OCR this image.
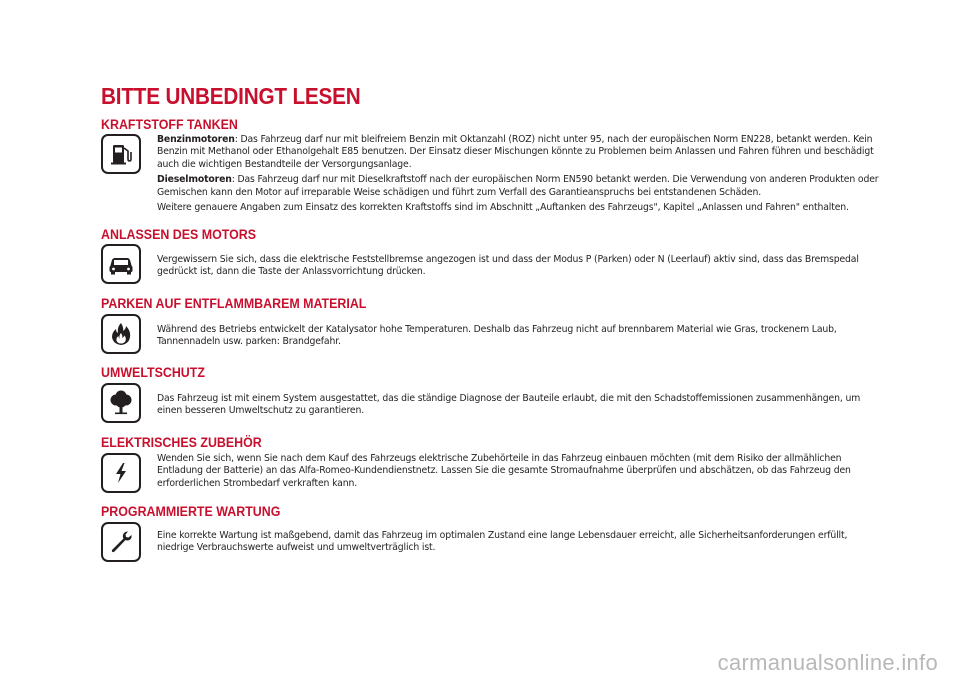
BITTE UNBEDINGT LESEN
KRAFTSTOFF TANKEN

Benzinmotoren: Das Fahrzeug darf nur mit bleifreiem Benzin mit Oktanzahl (ROZ) nicht unter 95, nach der europäischen Norm EN228, betankt werden. Kein Benzin mit Methanol oder Ethanolgehalt E85 benutzen. Der Einsatz dieser Mischungen könnte zu Problemen beim Anlassen und Fahren führen und beschädigt auch die wichtigen Bestandteile der Versorgungsanlage.

Dieselmotoren: Das Fahrzeug darf nur mit Dieselkraftstoff nach der europäischen Norm EN590 betankt werden. Die Verwendung von anderen Produkten oder Gemischen kann den Motor auf irreparable Weise schädigen und führt zum Verfall des Garantieanspruchs bei entstandenen Schäden.

Weitere genauere Angaben zum Einsatz des korrekten Kraftstoffs sind im Abschnitt „Auftanken des Fahrzeugs", Kapitel „Anlassen und Fahren" enthalten.

ANLASSEN DES MOTORS

Vergewissern Sie sich, dass die elektrische Feststellbremse angezogen ist und dass der Modus P (Parken) oder N (Leerlauf) aktiv sind, dass das Bremspedal gedrückt ist, dann die Taste der Anlassvorrichtung drücken.

PARKEN AUF ENTFLAMMBAREM MATERIAL

Während des Betriebs entwickelt der Katalysator hohe Temperaturen. Deshalb das Fahrzeug nicht auf brennbarem Material wie Gras, trockenem Laub, Tannennadeln usw. parken: Brandgefahr.

UMWELTSCHUTZ

Das Fahrzeug ist mit einem System ausgestattet, das die ständige Diagnose der Bauteile erlaubt, die mit den Schadstoffemissionen zusammenhängen, um einen besseren Umweltschutz zu garantieren.

ELEKTRISCHES ZUBEHÖR

Wenden Sie sich, wenn Sie nach dem Kauf des Fahrzeugs elektrische Zubehörteile in das Fahrzeug einbauen möchten (mit dem Risiko der allmählichen Entladung der Batterie) an das Alfa-Romeo-Kundendienstnetz. Lassen Sie die gesamte Stromaufnahme überprüfen und abschätzen, ob das Fahrzeug den erforderlichen Strombedarf verkraften kann.

PROGRAMMIERTE WARTUNG

Eine korrekte Wartung ist maßgebend, damit das Fahrzeug im optimalen Zustand eine lange Lebensdauer erreicht, alle Sicherheitsanforderungen erfüllt, niedrige Verbrauchswerte aufweist und umweltverträglich ist.

carmanualsonline.info
